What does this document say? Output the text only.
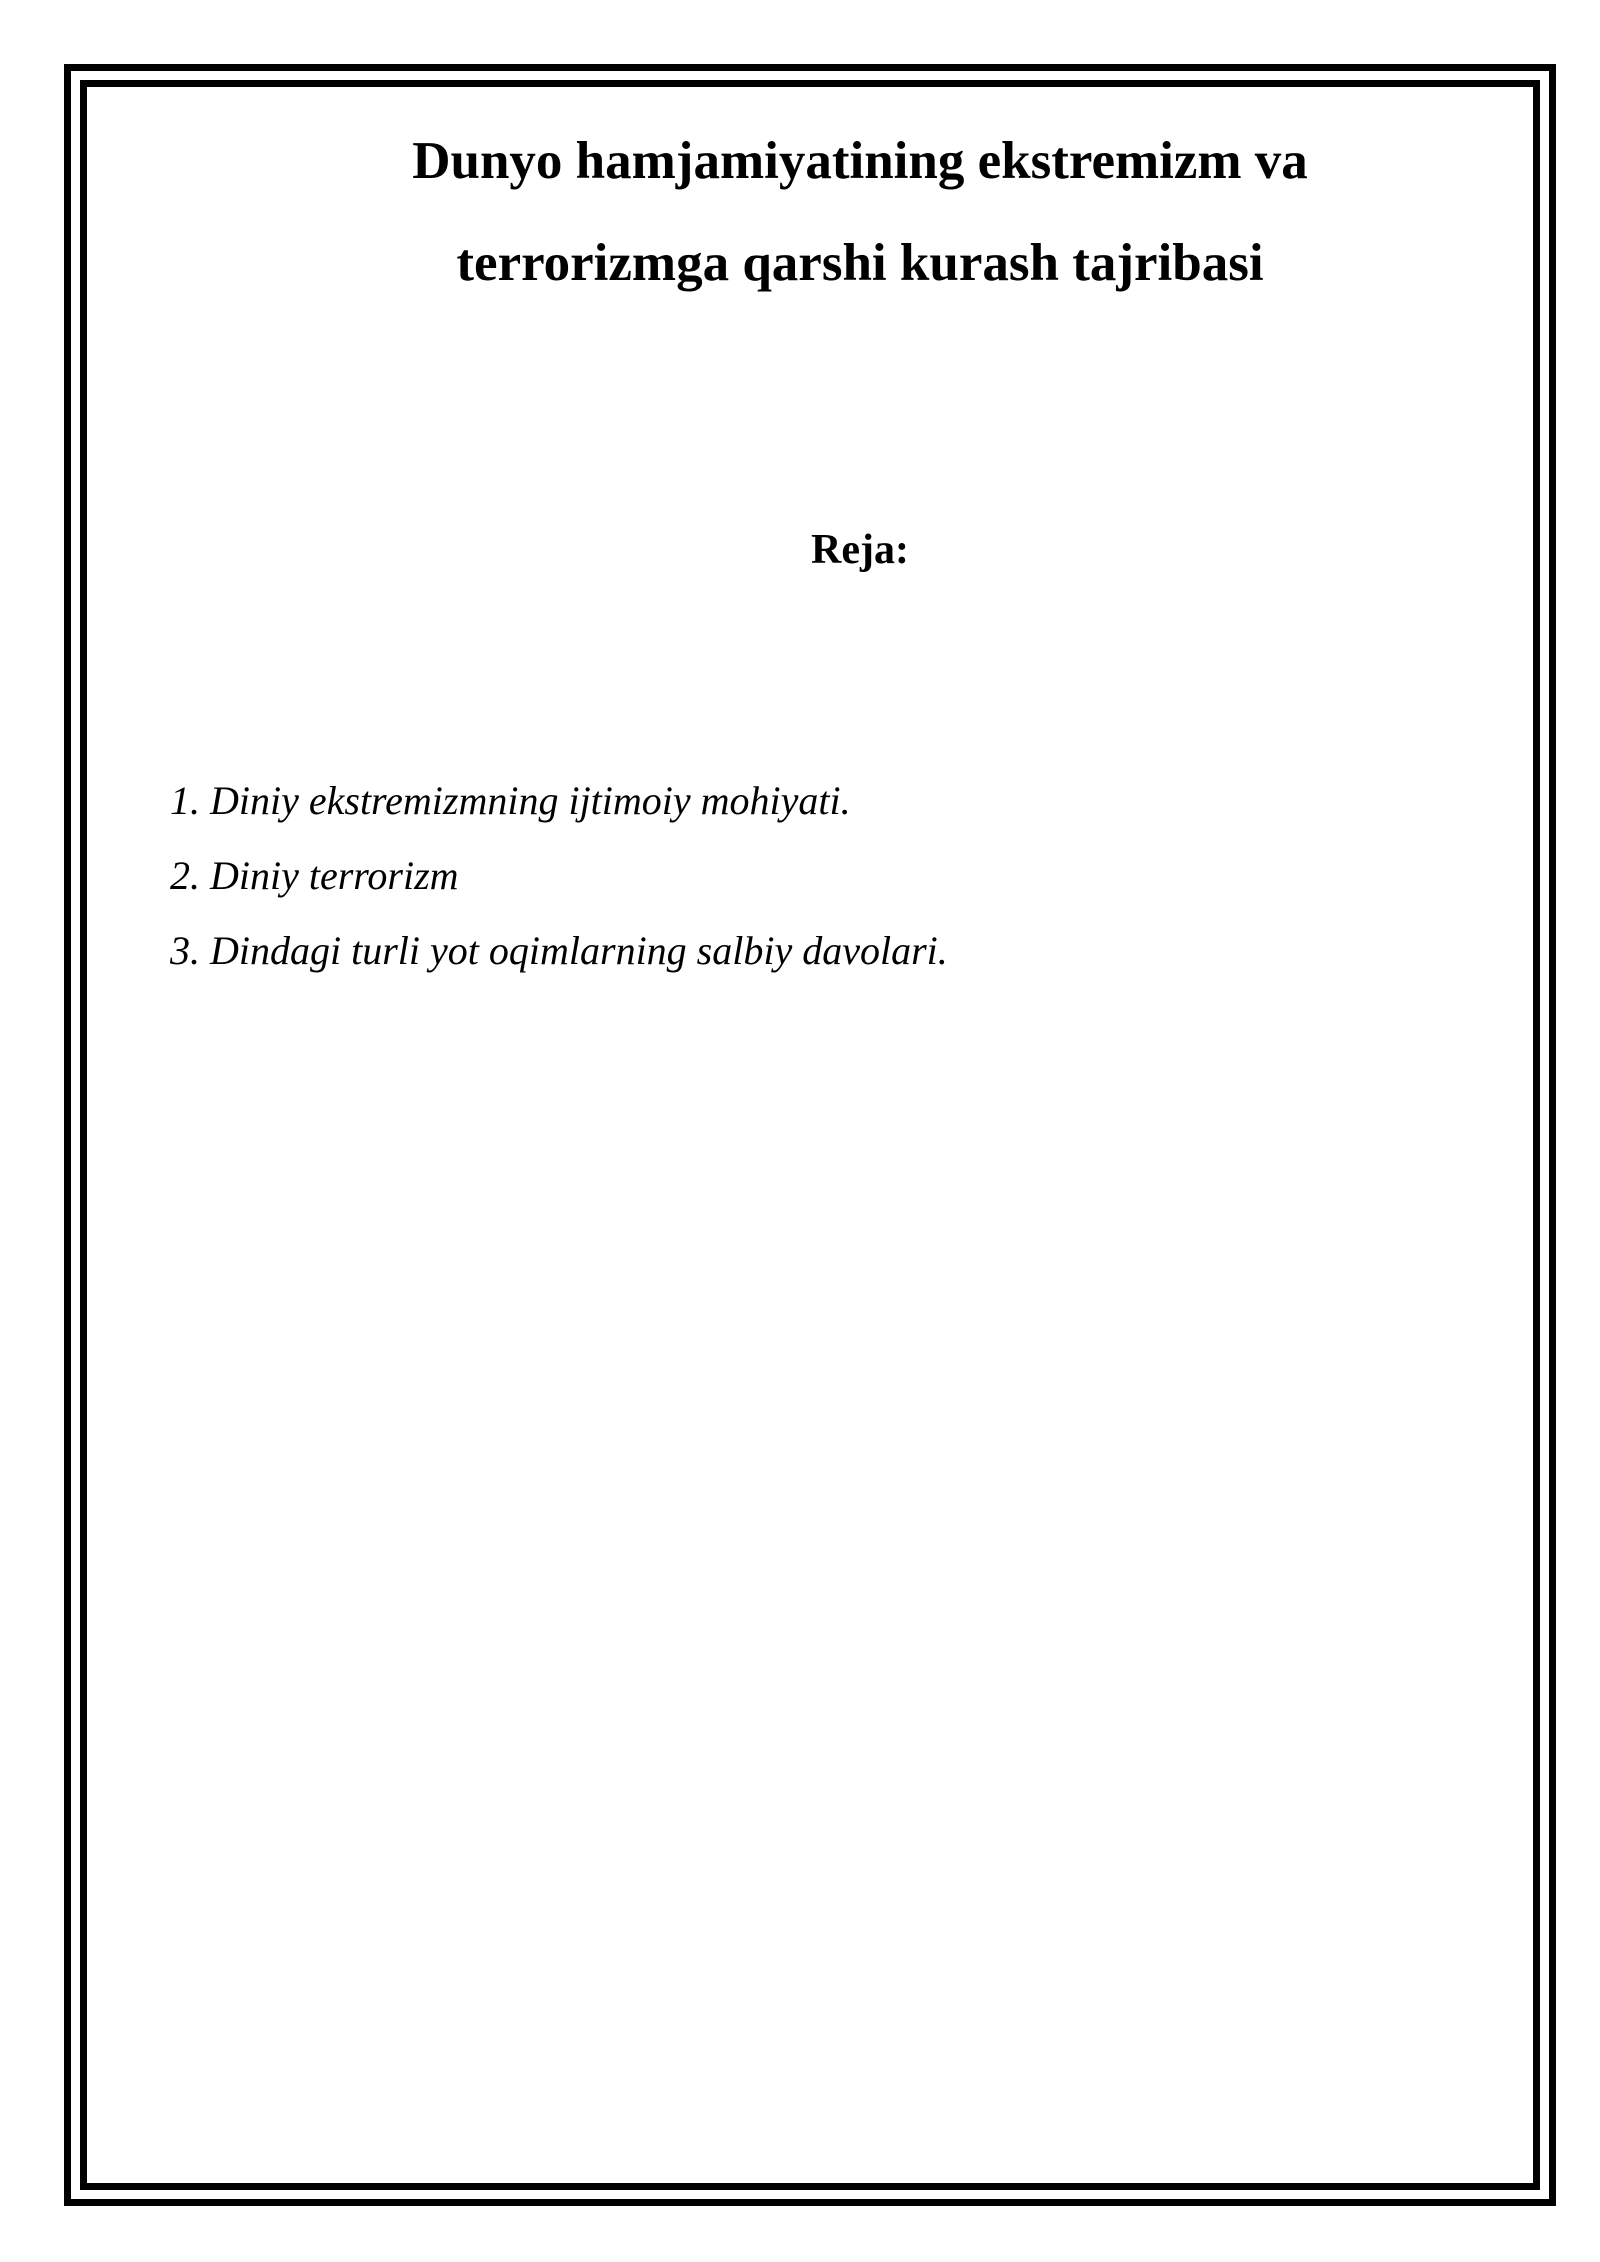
Dunyo hamjamiyatining ekstremizm va
terrorizmga qarshi kurash tajribasi
Reja:
1. Diniy ekstremizmning ijtimoiy mohiyati.
2. Diniy terrorizm
3. Dindagi turli yot oqimlarning salbiy davolari.
